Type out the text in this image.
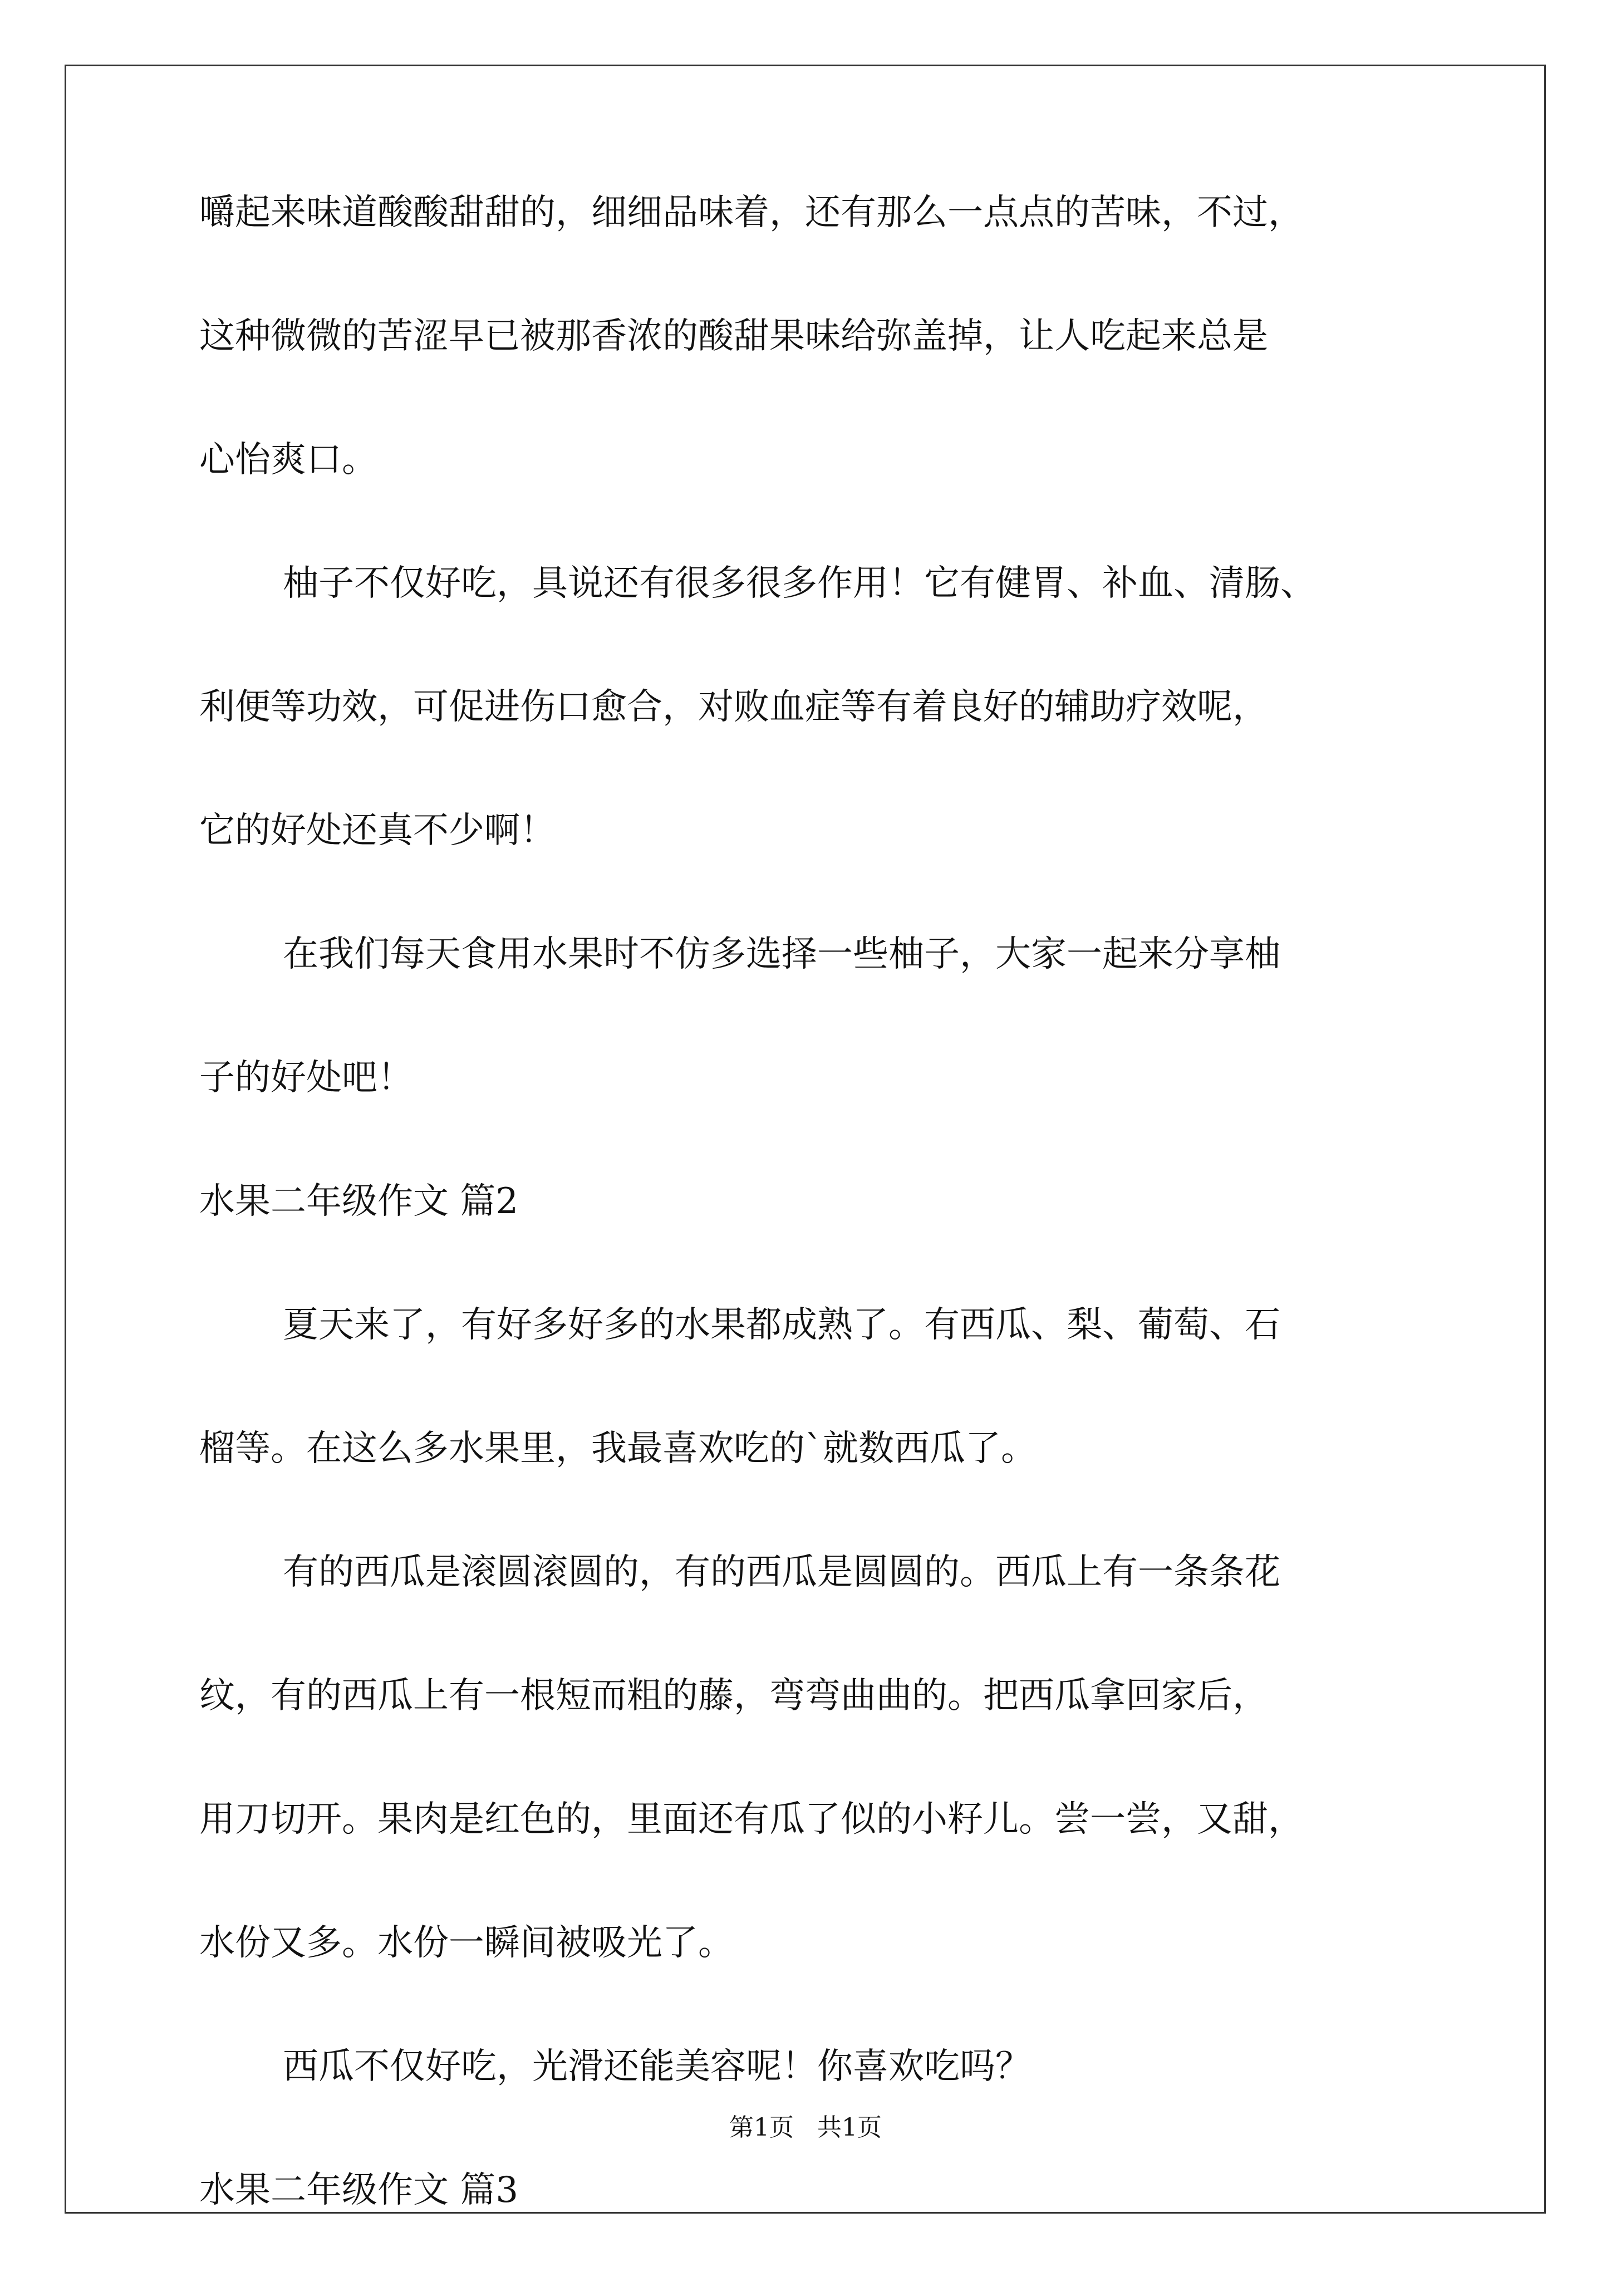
嚼起来味道酸酸甜甜的，细细品味着，还有那么一点点的苦味，不过，
这种微微的苦涩早已被那香浓的酸甜果味给弥盖掉，让人吃起来总是
心怡爽口。
柚子不仅好吃，具说还有很多很多作用！它有健胃、补血、清肠、
利便等功效，可促进伤口愈合，对败血症等有着良好的辅助疗效呢，
它的好处还真不少啊！
在我们每天食用水果时不仿多选择一些柚子，大家一起来分享柚
子的好处吧！
水果二年级作文 篇2
夏天来了，有好多好多的水果都成熟了。有西瓜、梨、葡萄、石
榴等。在这么多水果里，我最喜欢吃的`就数西瓜了。
有的西瓜是滚圆滚圆的，有的西瓜是圆圆的。西瓜上有一条条花
纹，有的西瓜上有一根短而粗的藤，弯弯曲曲的。把西瓜拿回家后，
用刀切开。果肉是红色的，里面还有瓜了似的小籽儿。尝一尝，又甜，
水份又多。水份一瞬间被吸光了。
西瓜不仅好吃，光滑还能美容呢！你喜欢吃吗？
水果二年级作文 篇3
第1页   共1页
